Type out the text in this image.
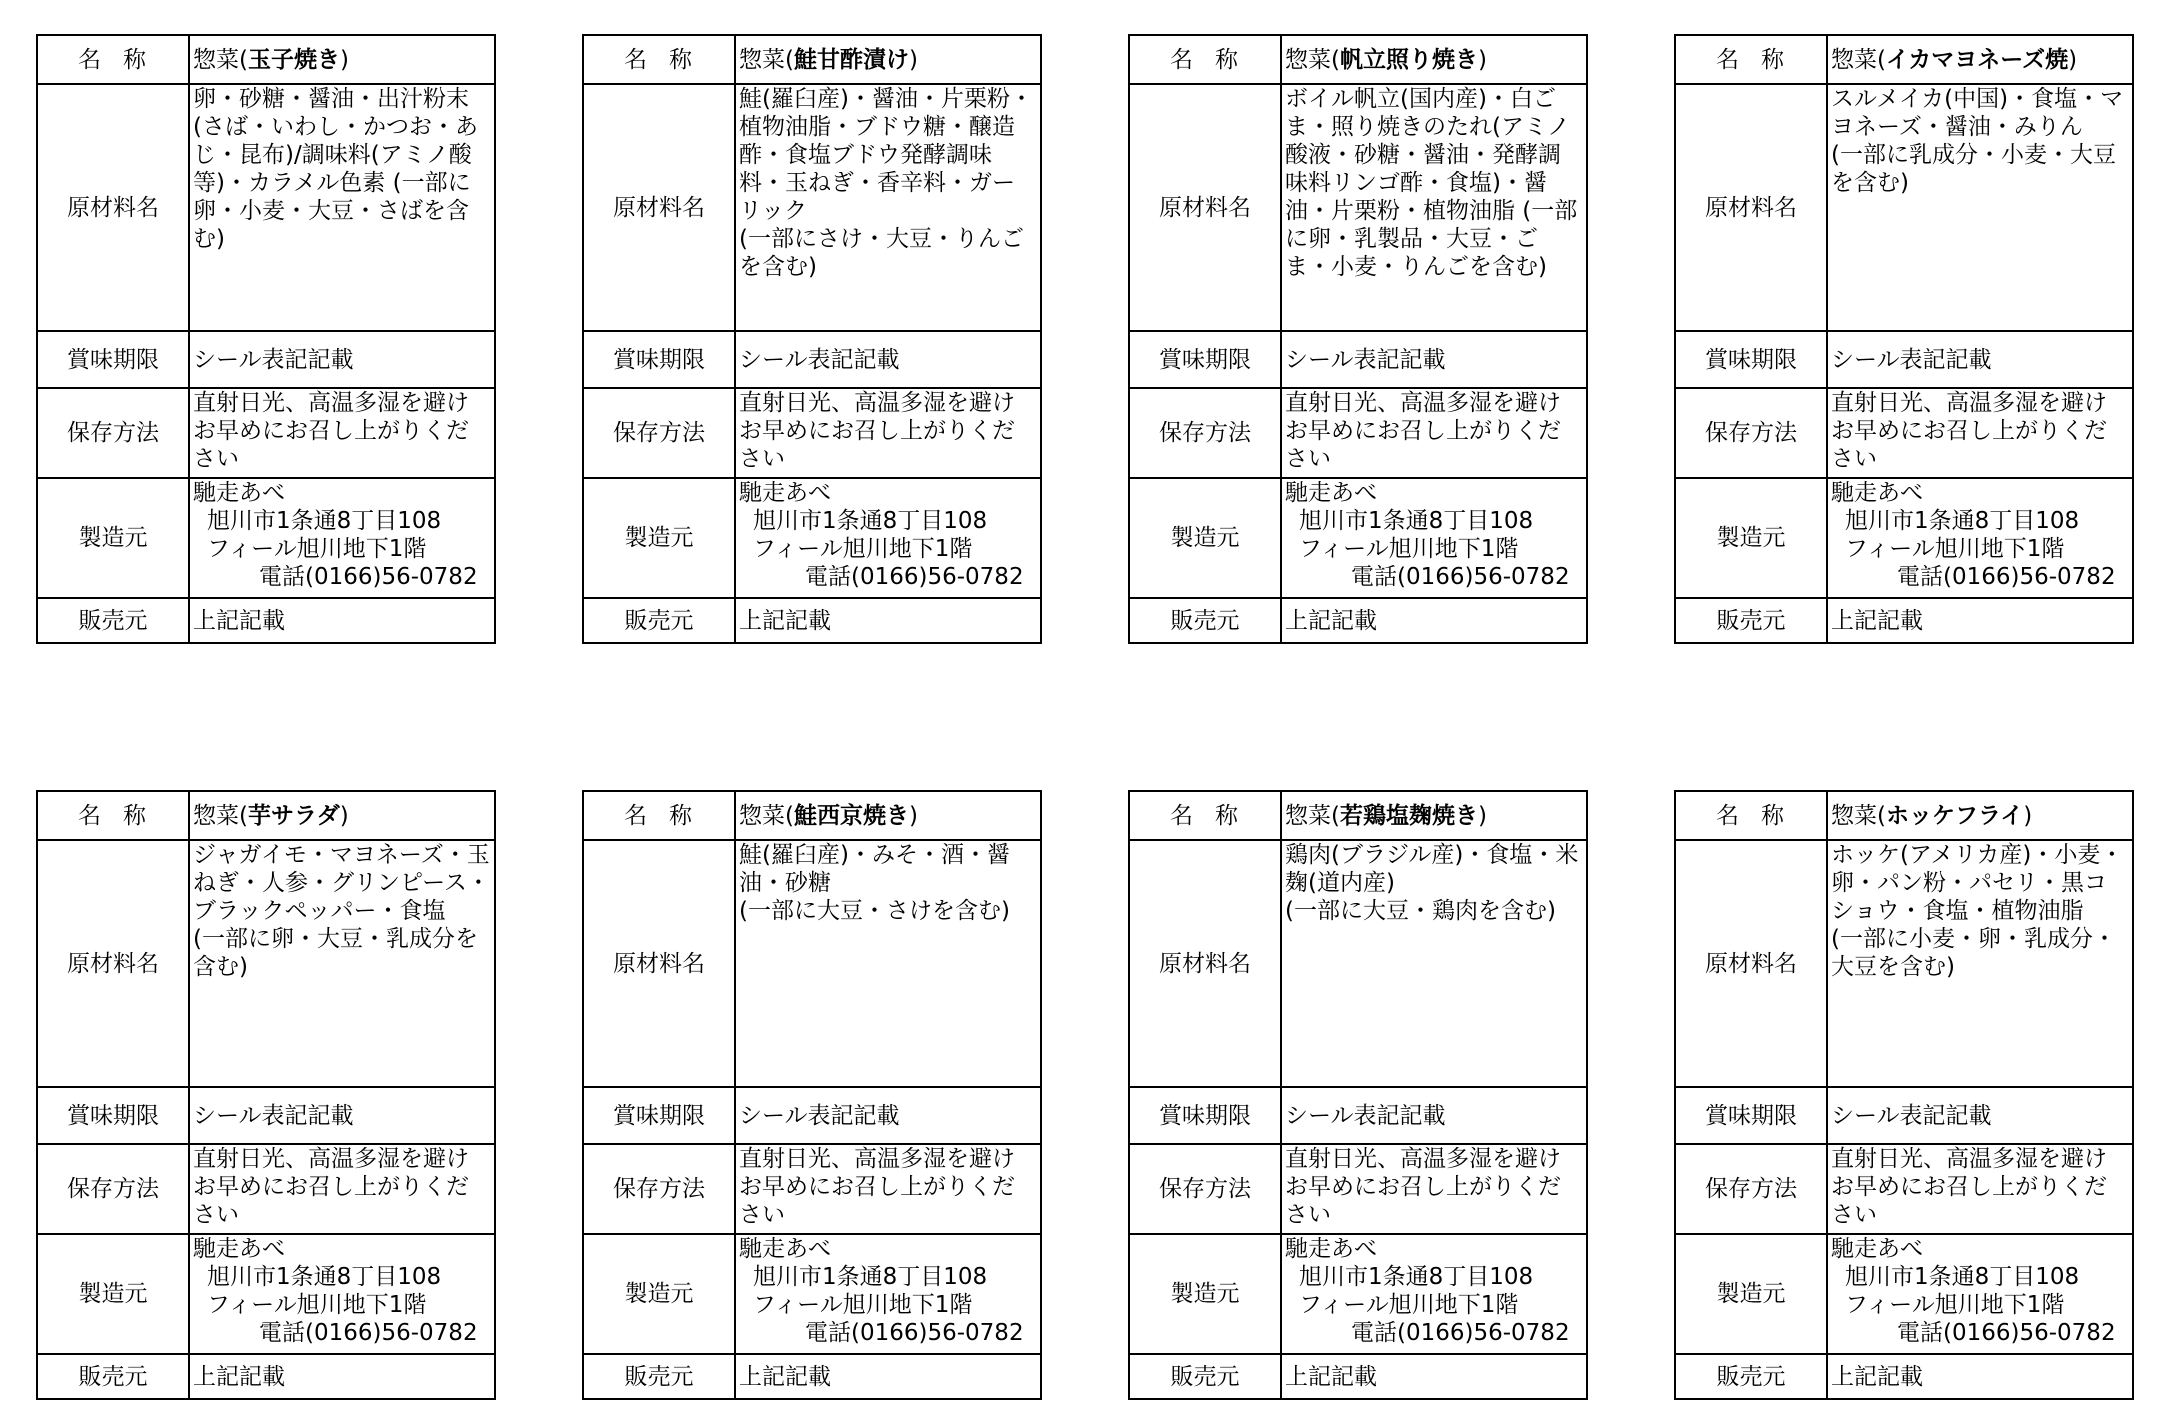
名称	惣菜(玉子焼き)
原材料名	卵・砂糖・醤油・出汁粉末(さば・いわし・かつお・あじ・昆布)/調味料(アミノ酸等)・カラメル色素 (一部に卵・小麦・大豆・さばを含む)

賞味期限	シール表記記載
保存方法	直射日光、高温多湿を避けお早めにお召し上がりください
製造元	馳走あべ
旭川市1条通8丁目108
フィール旭川地下1階
電話(0166)56-0782

販売元	上記記載
名称	惣菜(鮭甘酢漬け)
原材料名	鮭(羅臼産)・醤油・片栗粉・植物油脂・ブドウ糖・醸造酢・食塩ブドウ発酵調味料・玉ねぎ・香辛料・ガーリック
(一部にさけ・大豆・りんごを含む)

賞味期限	シール表記記載
保存方法	直射日光、高温多湿を避けお早めにお召し上がりください
製造元	馳走あべ
旭川市1条通8丁目108
フィール旭川地下1階
電話(0166)56-0782

販売元	上記記載
名称	惣菜(帆立照り焼き)
原材料名	ボイル帆立(国内産)・白ごま・照り焼きのたれ(アミノ酸液・砂糖・醤油・発酵調味料リンゴ酢・食塩)・醤油・片栗粉・植物油脂 (一部に卵・乳製品・大豆・ごま・小麦・りんごを含む)

賞味期限	シール表記記載
保存方法	直射日光、高温多湿を避けお早めにお召し上がりください
製造元	馳走あべ
旭川市1条通8丁目108
フィール旭川地下1階
電話(0166)56-0782

販売元	上記記載
名称	惣菜(イカマヨネーズ焼)
原材料名	スルメイカ(中国)・食塩・マヨネーズ・醤油・みりん
(一部に乳成分・小麦・大豆を含む)

賞味期限	シール表記記載
保存方法	直射日光、高温多湿を避けお早めにお召し上がりください
製造元	馳走あべ
旭川市1条通8丁目108
フィール旭川地下1階
電話(0166)56-0782

販売元	上記記載
名称	惣菜(芋サラダ)
原材料名	ジャガイモ・マヨネーズ・玉ねぎ・人参・グリンピース・ブラックペッパー・食塩
(一部に卵・大豆・乳成分を含む)

賞味期限	シール表記記載
保存方法	直射日光、高温多湿を避けお早めにお召し上がりください
製造元	馳走あべ
旭川市1条通8丁目108
フィール旭川地下1階
電話(0166)56-0782

販売元	上記記載
名称	惣菜(鮭西京焼き)
原材料名	鮭(羅臼産)・みそ・酒・醤油・砂糖
(一部に大豆・さけを含む)

賞味期限	シール表記記載
保存方法	直射日光、高温多湿を避けお早めにお召し上がりください
製造元	馳走あべ
旭川市1条通8丁目108
フィール旭川地下1階
電話(0166)56-0782

販売元	上記記載
名称	惣菜(若鶏塩麹焼き)
原材料名	鶏肉(ブラジル産)・食塩・米麹(道内産)
(一部に大豆・鶏肉を含む)

賞味期限	シール表記記載
保存方法	直射日光、高温多湿を避けお早めにお召し上がりください
製造元	馳走あべ
旭川市1条通8丁目108
フィール旭川地下1階
電話(0166)56-0782

販売元	上記記載
名称	惣菜(ホッケフライ)
原材料名	ホッケ(アメリカ産)・小麦・卵・パン粉・パセリ・黒コショウ・食塩・植物油脂
(一部に小麦・卵・乳成分・大豆を含む)

賞味期限	シール表記記載
保存方法	直射日光、高温多湿を避けお早めにお召し上がりください
製造元	馳走あべ
旭川市1条通8丁目108
フィール旭川地下1階
電話(0166)56-0782

販売元	上記記載
